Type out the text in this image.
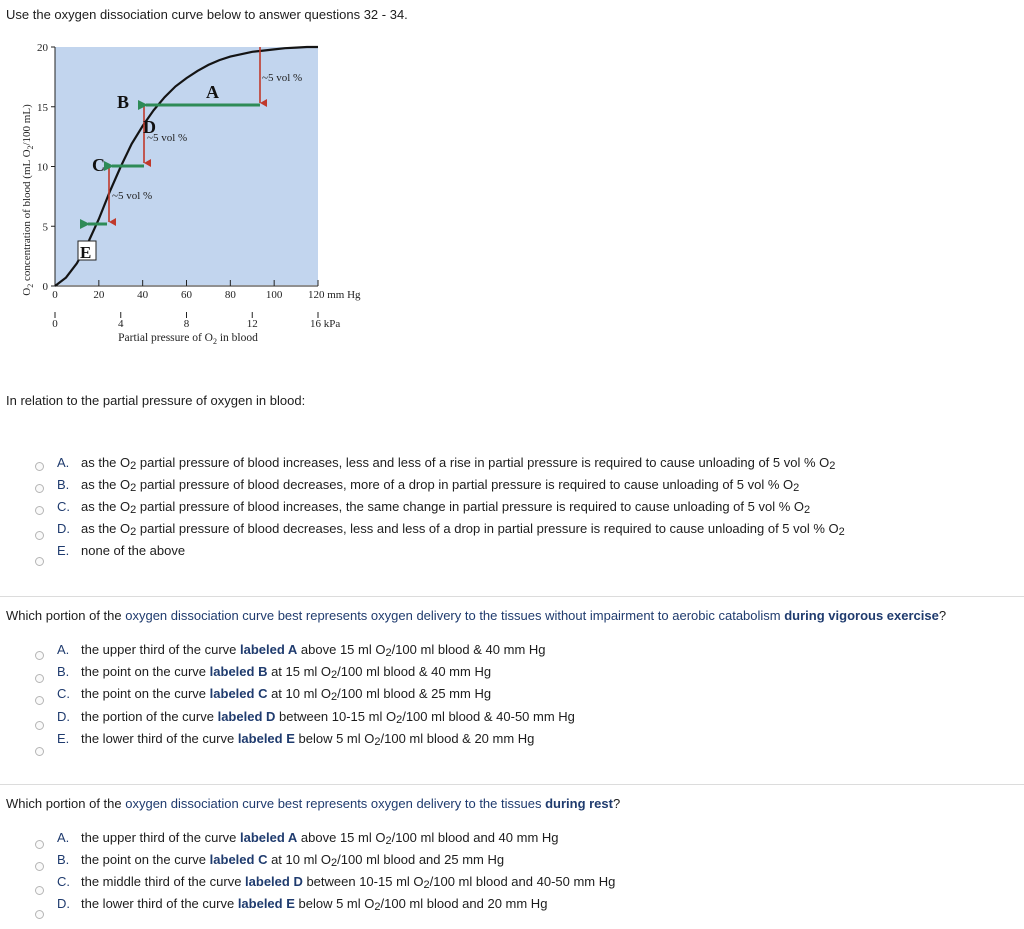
Use the oxygen dissociation curve below to answer questions 32 - 34.
0
5
10
15
20
0	20	40	60	80	100 120 mm Hg
0	4	8	12	16 kPa
$O_2$ concentration of blood (mL $O_2/100$ mL)
Partial pressure of $O_2$ in blood
A
B
C
D
E
~5 vol %
~5 vol %
~5 vol %
In relation to the partial pressure of oxygen in blood:
A. as the $O_2$ partial pressure of blood increases, less and less of a rise in partial pressure is required to cause unloading of 5 vol % $O_2$
B. as the $O_2$ partial pressure of blood decreases, more of a drop in partial pressure is required to cause unloading of 5 vol % $O_2$
C. as the $O_2$ partial pressure of blood increases, the same change in partial pressure is required to cause unloading of 5 vol % $O_2$
D. as the $O_2$ partial pressure of blood decreases, less and less of a drop in partial pressure is required to cause unloading of 5 vol % $O_2$
E. none of the above
Which portion of the oxygen dissociation curve best represents oxygen delivery to the tissues without impairment to aerobic catabolism during vigorous exercise?
A. the upper third of the curve labeled A above 15 ml $O_2/100$ ml blood & 40 mm Hg
B. the point on the curve labeled B at 15 ml $O_2/100$ ml blood & 40 mm Hg
C. the point on the curve labeled C at 10 ml $O_2/100$ ml blood & 25 mm Hg
D. the portion of the curve labeled D between 10-15 ml $O_2/100$ ml blood & 40-50 mm Hg
E. the lower third of the curve labeled E below 5 ml $O_2/100$ ml blood & 20 mm Hg
Which portion of the oxygen dissociation curve best represents oxygen delivery to the tissues during rest?
A. the upper third of the curve labeled A above 15 ml $O_2/100$ ml blood and 40 mm Hg
B. the point on the curve labeled C at 10 ml $O_2/100$ ml blood and 25 mm Hg
C. the middle third of the curve labeled D between 10-15 ml $O_2/100$ ml blood and 40-50 mm Hg
D. the lower third of the curve labeled E below 5 ml $O_2/100$ ml blood and 20 mm Hg
